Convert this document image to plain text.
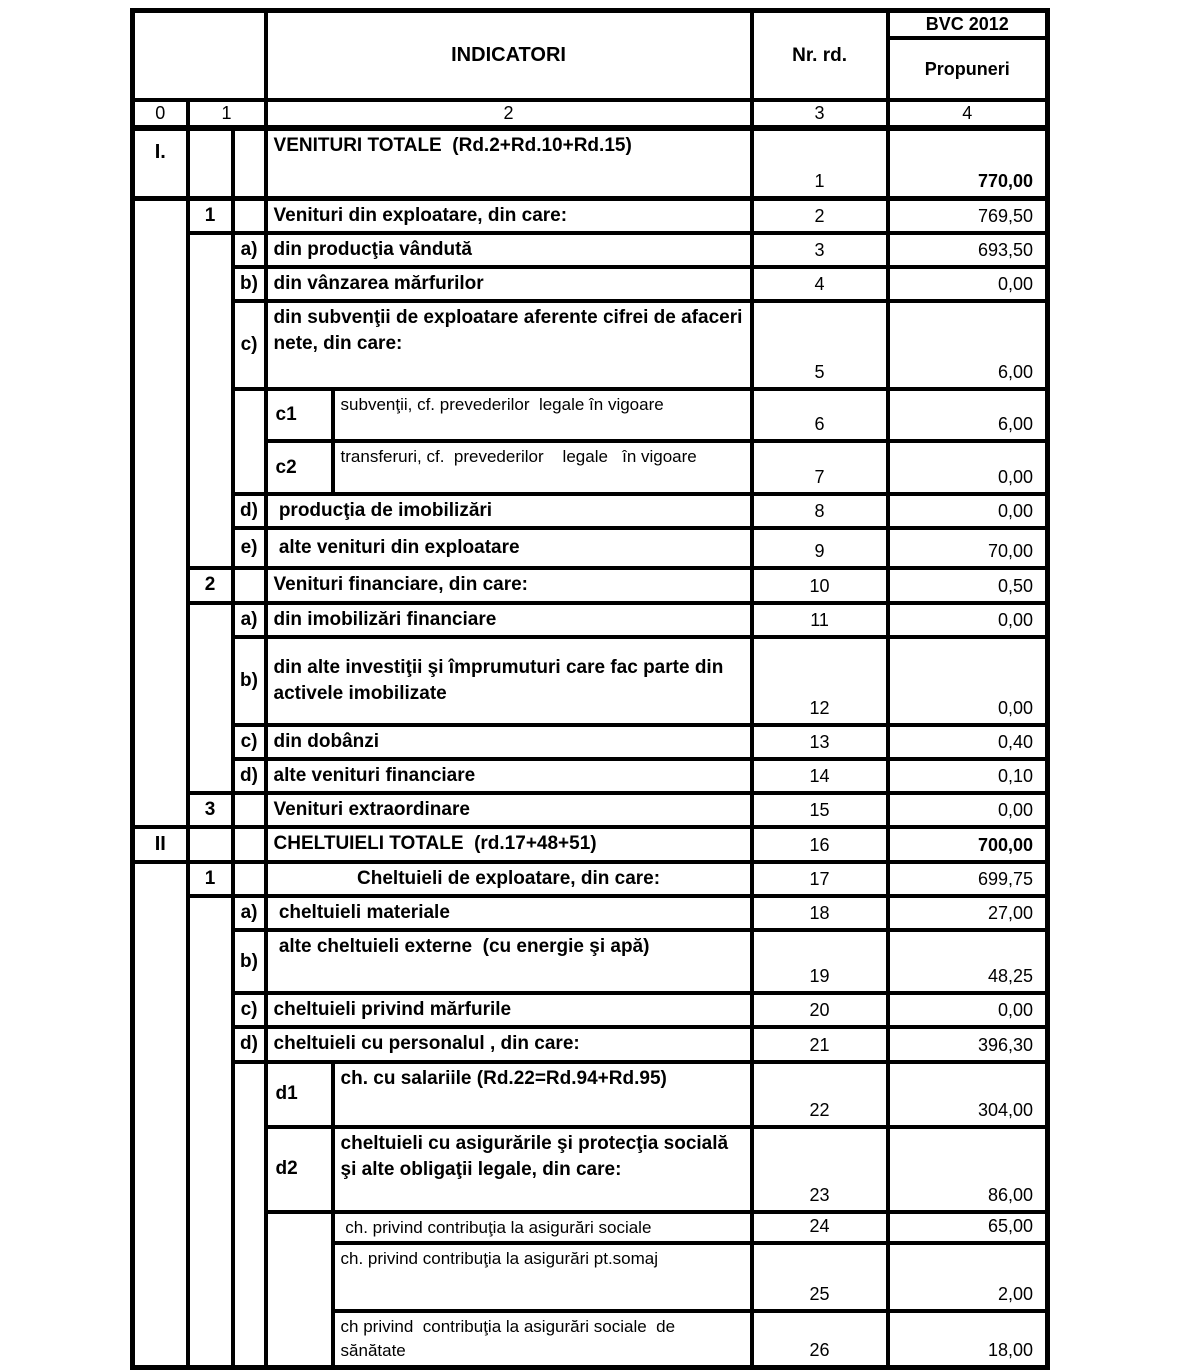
			INDICATORI		Nr. rd.	BVC 2012
						Propuneri
0	1		2		3	4
I.			VENITURI TOTALE  (Rd.2+Rd.10+Rd.15)		1	770,00
	1		Venituri din exploatare, din care:		2	769,50
		a)	din producţia vândută		3	693,50
		b)	din vânzarea mărfurilor		4	0,00
		c)	din subvenţii de exploatare aferente cifrei de afaceri nete, din care:		5	6,00
			c1	subvenţii, cf. prevederilor  legale în vigoare	6	6,00
			c2	transferuri, cf.  prevederilor    legale   în vigoare	7	0,00
		d)	producţia de imobilizări		8	0,00
		e)	alte venituri din exploatare		9	70,00
	2		Venituri financiare, din care:		10	0,50
		a)	din imobilizări financiare		11	0,00
		b)	din alte investiţii şi împrumuturi care fac parte din activele imobilizate		12	0,00
		c)	din dobânzi		13	0,40
		d)	alte venituri financiare		14	0,10
	3		Venituri extraordinare		15	0,00
II			CHELTUIELI TOTALE  (rd.17+48+51)		16	700,00
	1		Cheltuieli de exploatare, din care:		17	699,75
		a)	cheltuieli materiale		18	27,00
		b)	alte cheltuieli externe  (cu energie şi apă)		19	48,25
		c)	cheltuieli privind mărfurile		20	0,00
		d)	cheltuieli cu personalul , din care:		21	396,30
			d1	ch. cu salariile (Rd.22=Rd.94+Rd.95)	22	304,00
			d2	cheltuieli cu asigurările şi protecţia socială şi alte obligaţii legale, din care:	23	86,00
				ch. privind contribuţia la asigurări sociale	24	65,00
				ch. privind contribuţia la asigurări pt.somaj	25	2,00
				ch privind  contribuţia la asigurări sociale  de sănătate	26	18,00
